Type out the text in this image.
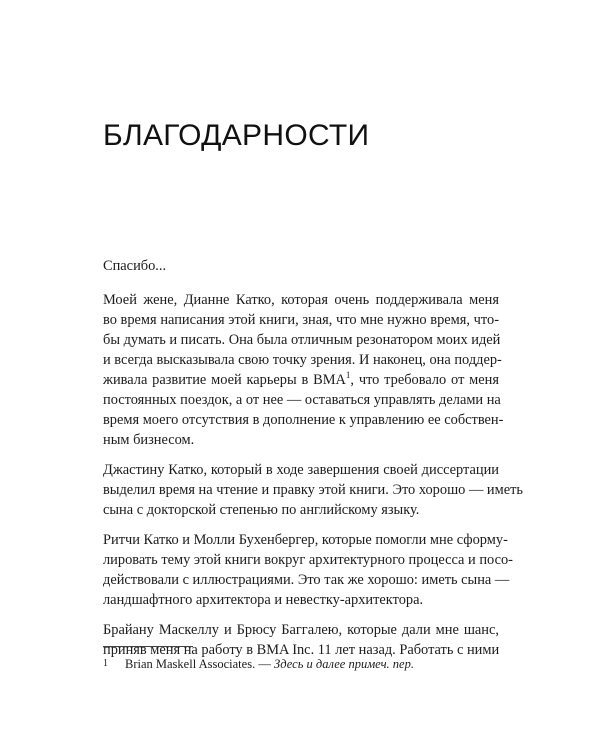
БЛАГОДАРНОСТИ

Спасибо...

Моей жене, Дианне Катко, которая очень поддерживала меня
во время написания этой книги, зная, что мне нужно время, что-
бы думать и писать. Она была отличным резонатором моих идей
и всегда высказывала свою точку зрения. И наконец, она поддер-
живала развитие моей карьеры в BMA$^1$, что требовало от меня
постоянных поездок, а от нее — оставаться управлять делами на
время моего отсутствия в дополнение к управлению ее собствен-
ным бизнесом.

Джастину Катко, который в ходе завершения своей диссертации
выделил время на чтение и правку этой книги. Это хорошо — иметь
сына с докторской степенью по английскому языку.

Ритчи Катко и Молли Бухенбергер, которые помогли мне сформу-
лировать тему этой книги вокруг архитектурного процесса и посо-
действовали с иллюстрациями. Это так же хорошо: иметь сына —
ландшафтного архитектора и невестку-архитектора.

Брайану Маскеллу и Брюсу Баггалею, которые дали мне шанс,
приняв меня на работу в BMA Inc. 11 лет назад. Работать с ними

1 Brian Maskell Associates. — Здесь и далее примеч. пер.
